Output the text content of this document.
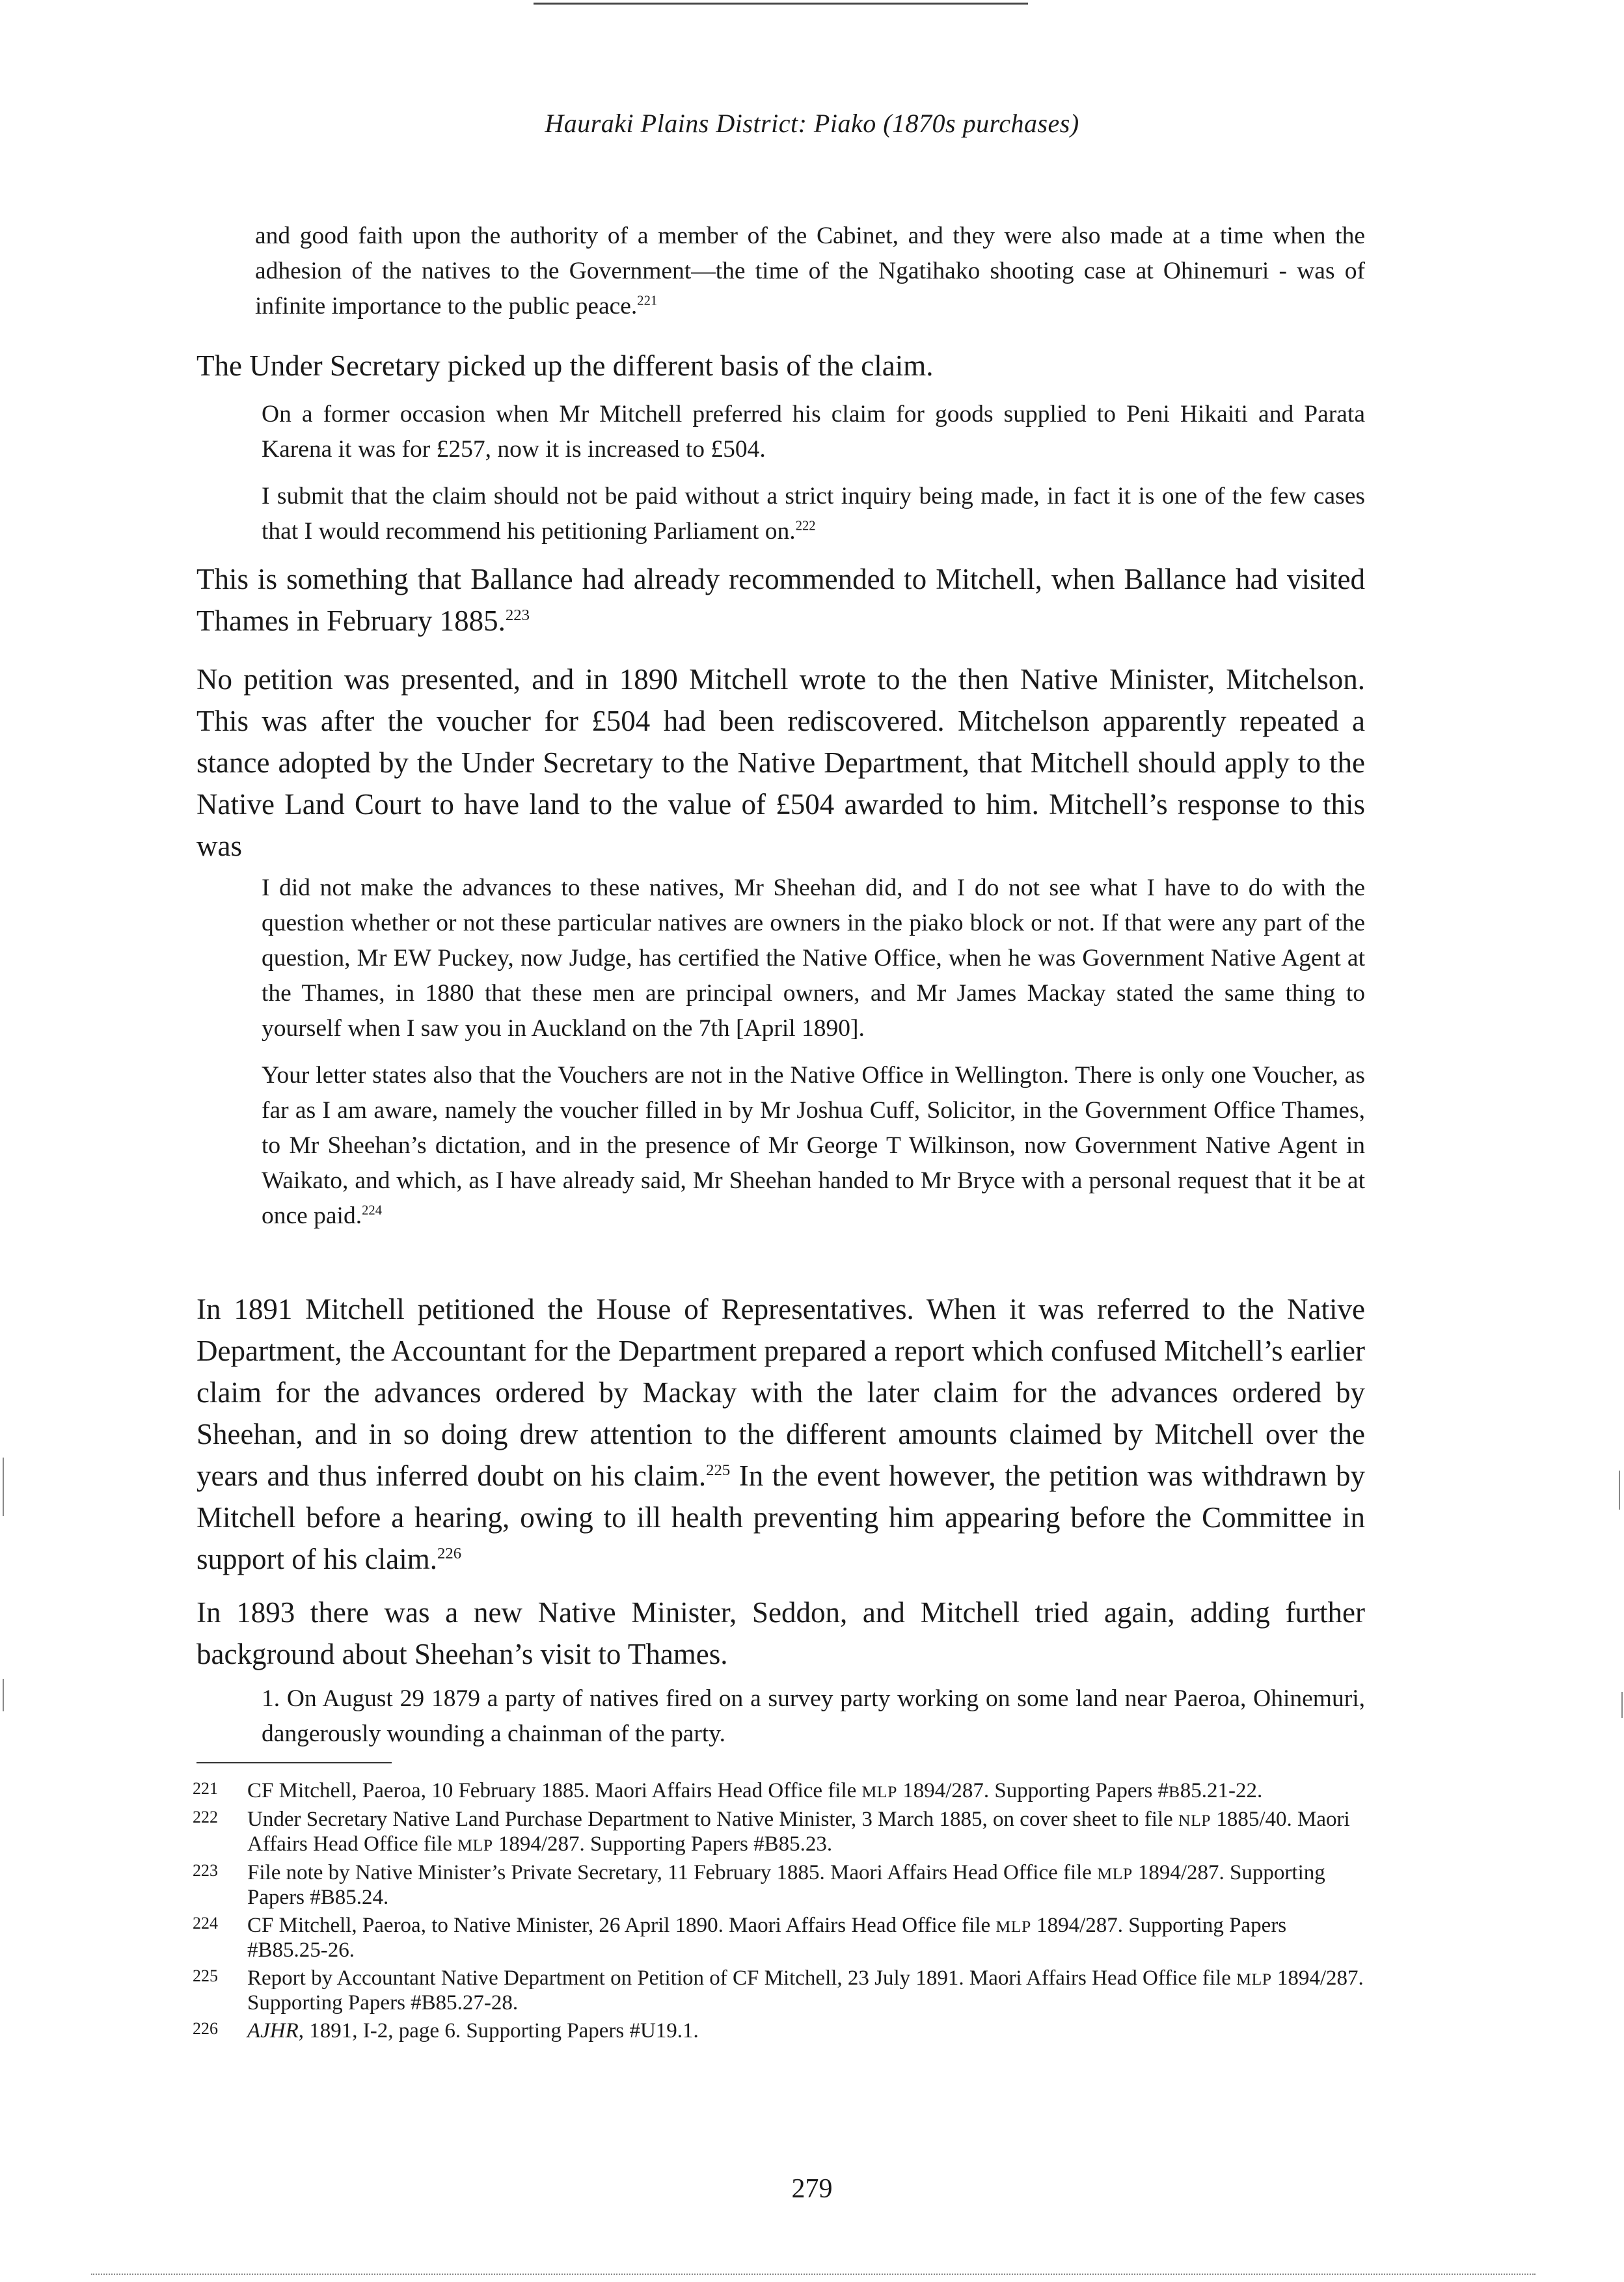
Hauraki Plains District: Piako (1870s purchases)

and good faith upon the authority of a member of the Cabinet, and they were also made at a time when the adhesion of the natives to the Government—the time of the Ngatihako shooting case at Ohinemuri - was of infinite importance to the public peace.$^{221}$

The Under Secretary picked up the different basis of the claim.

On a former occasion when Mr Mitchell preferred his claim for goods supplied to Peni Hikaiti and Parata Karena it was for £257, now it is increased to £504.

I submit that the claim should not be paid without a strict inquiry being made, in fact it is one of the few cases that I would recommend his petitioning Parliament on.$^{222}$

This is something that Ballance had already recommended to Mitchell, when Ballance had visited Thames in February 1885.$^{223}$

No petition was presented, and in 1890 Mitchell wrote to the then Native Minister, Mitchelson. This was after the voucher for £504 had been rediscovered. Mitchelson apparently repeated a stance adopted by the Under Secretary to the Native Department, that Mitchell should apply to the Native Land Court to have land to the value of £504 awarded to him. Mitchell’s response to this was

I did not make the advances to these natives, Mr Sheehan did, and I do not see what I have to do with the question whether or not these particular natives are owners in the piako block or not. If that were any part of the question, Mr EW Puckey, now Judge, has certified the Native Office, when he was Government Native Agent at the Thames, in 1880 that these men are principal owners, and Mr James Mackay stated the same thing to yourself when I saw you in Auckland on the 7th [April 1890].

Your letter states also that the Vouchers are not in the Native Office in Wellington. There is only one Voucher, as far as I am aware, namely the voucher filled in by Mr Joshua Cuff, Solicitor, in the Government Office Thames, to Mr Sheehan’s dictation, and in the presence of Mr George T Wilkinson, now Government Native Agent in Waikato, and which, as I have already said, Mr Sheehan handed to Mr Bryce with a personal request that it be at once paid.$^{224}$

In 1891 Mitchell petitioned the House of Representatives. When it was referred to the Native Department, the Accountant for the Department prepared a report which confused Mitchell’s earlier claim for the advances ordered by Mackay with the later claim for the advances ordered by Sheehan, and in so doing drew attention to the different amounts claimed by Mitchell over the years and thus inferred doubt on his claim.$^{225}$ In the event however, the petition was withdrawn by Mitchell before a hearing, owing to ill health preventing him appearing before the Committee in support of his claim.$^{226}$

In 1893 there was a new Native Minister, Seddon, and Mitchell tried again, adding further background about Sheehan’s visit to Thames.

1. On August 29 1879 a party of natives fired on a survey party working on some land near Paeroa, Ohinemuri, dangerously wounding a chainman of the party.

221	CF Mitchell, Paeroa, 10 February 1885. Maori Affairs Head Office file MLP 1894/287. Supporting Papers #B85.21-22.
222	Under Secretary Native Land Purchase Department to Native Minister, 3 March 1885, on cover sheet to file NLP 1885/40. Maori Affairs Head Office file MLP 1894/287. Supporting Papers #B85.23.
223	File note by Native Minister’s Private Secretary, 11 February 1885. Maori Affairs Head Office file MLP 1894/287. Supporting Papers #B85.24.
224	CF Mitchell, Paeroa, to Native Minister, 26 April 1890. Maori Affairs Head Office file MLP 1894/287. Supporting Papers #B85.25-26.
225	Report by Accountant Native Department on Petition of CF Mitchell, 23 July 1891. Maori Affairs Head Office file MLP 1894/287. Supporting Papers #B85.27-28.
226	AJHR, 1891, I-2, page 6. Supporting Papers #U19.1.
279
